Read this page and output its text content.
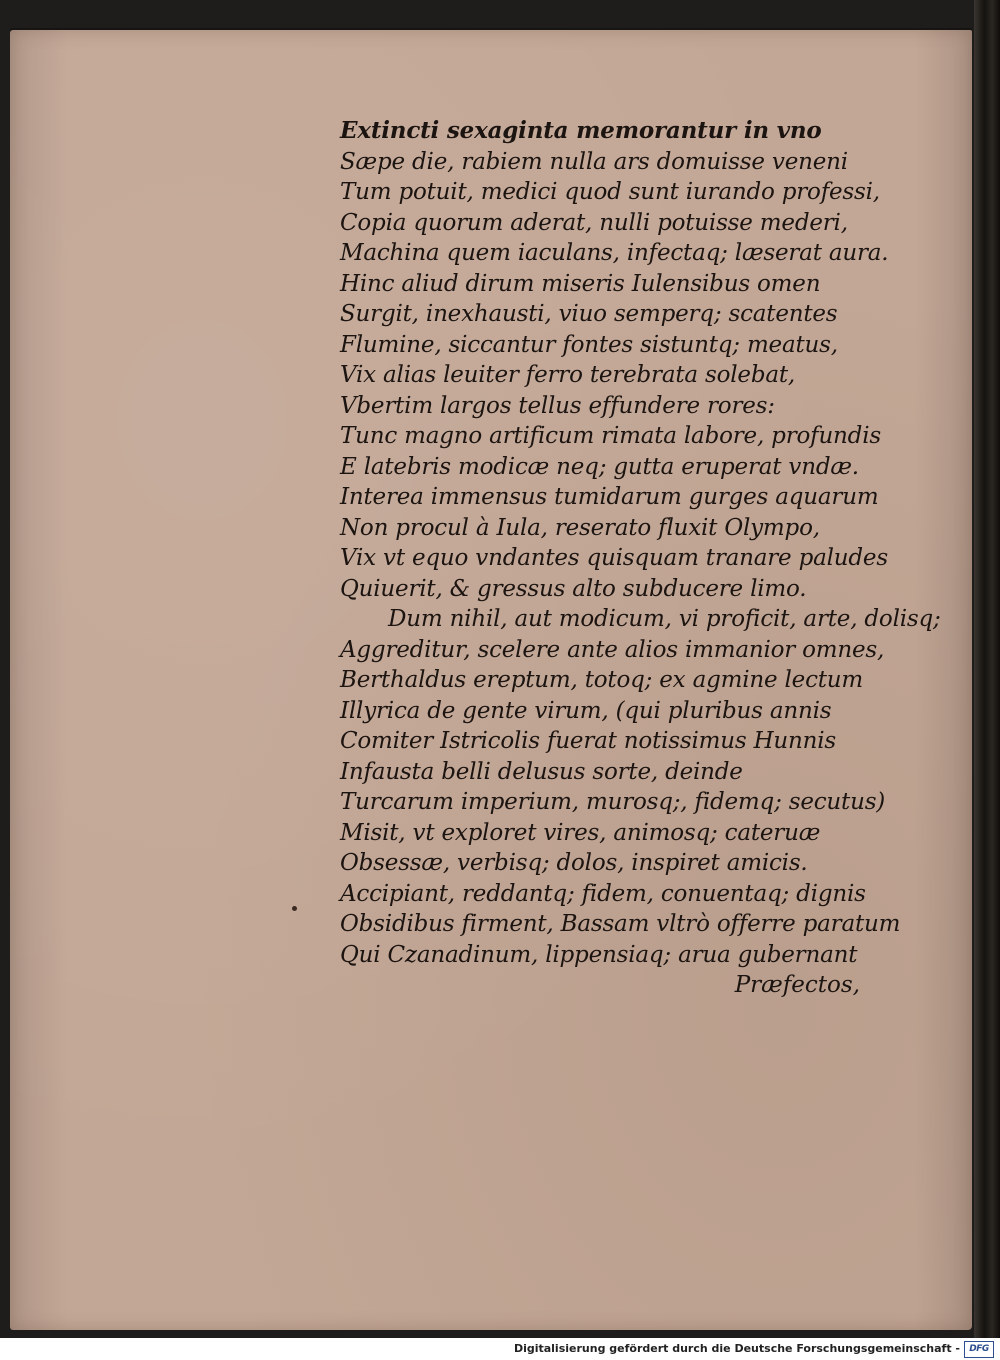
Extincti sexaginta memorantur in vno
Sæpe die, rabiem nulla ars domuisse veneni
Tum potuit, medici quod sunt iurando professi,
Copia quorum aderat, nulli potuisse mederi,
Machina quem iaculans, infectaq; læserat aura.
Hinc aliud dirum miseris Iulensibus omen
Surgit, inexhausti, viuo semperq; scatentes
Flumine, siccantur fontes sistuntq; meatus,
Vix alias leuiter ferro terebrata solebat,
Vbertim largos tellus effundere rores:
Tunc magno artificum rimata labore, profundis
E latebris modicæ neq; gutta eruperat vndæ.
Interea immensus tumidarum gurges aquarum
Non procul à Iula, reserato fluxit Olympo,
Vix vt equo vndantes quisquam tranare paludes
Quiuerit, & gressus alto subducere limo.
Dum nihil, aut modicum, vi proficit, arte, dolisq;
Aggreditur, scelere ante alios immanior omnes,
Berthaldus ereptum, totoq; ex agmine lectum
Illyrica de gente virum, (qui pluribus annis
Comiter Istricolis fuerat notissimus Hunnis
Infausta belli delusus sorte, deinde
Turcarum imperium, murosq;, fidemq; secutus)
Misit, vt exploret vires, animosq; cateruæ
Obsessæ, verbisq; dolos, inspiret amicis.
Accipiant, reddantq; fidem, conuentaq; dignis
Obsidibus firment, Bassam vltrò offerre paratum
Qui Czanadinum, lippensiaq; arua gubernant
Præfectos,
Digitalisierung gefördert durch die Deutsche Forschungsgemeinschaft -	DFG
